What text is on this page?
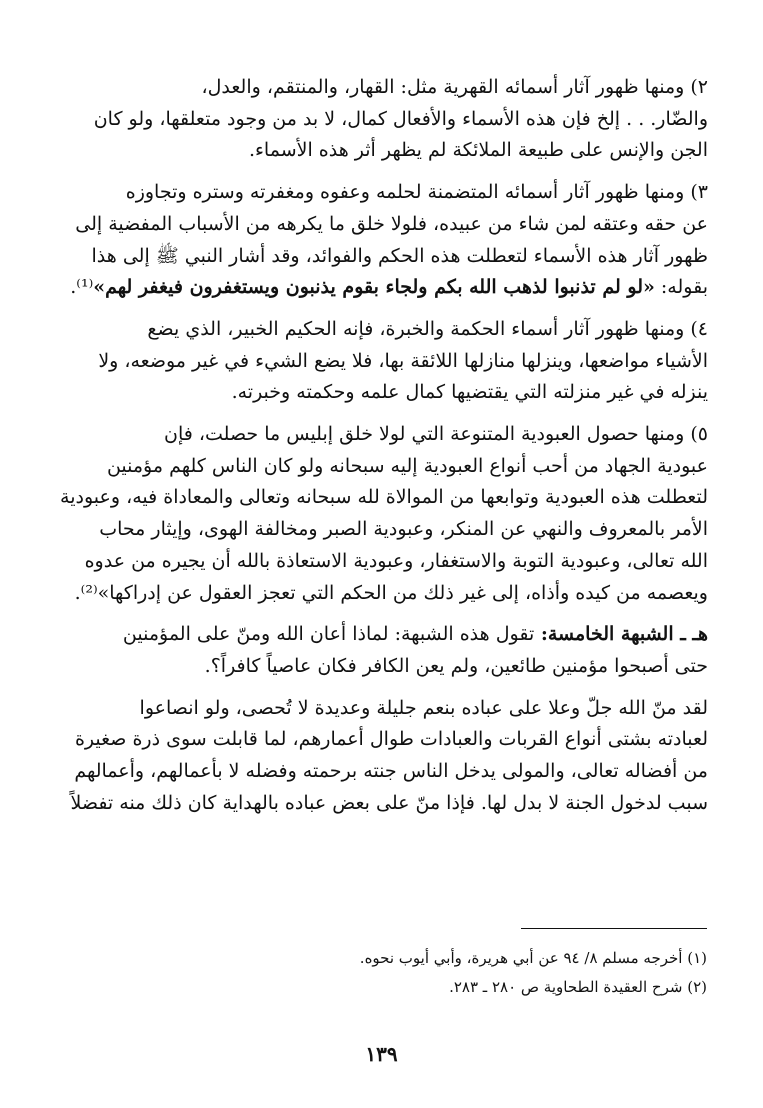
٢) ومنها ظهور آثار أسمائه القهرية مثل: القهار، والمنتقم، والعدل،
والضّار. . . إلخ فإن هذه الأسماء والأفعال كمال، لا بد من وجود متعلقها، ولو كان
الجن والإنس على طبيعة الملائكة لم يظهر أثر هذه الأسماء.

٣) ومنها ظهور آثار أسمائه المتضمنة لحلمه وعفوه ومغفرته وستره وتجاوزه
عن حقه وعتقه لمن شاء من عبيده، فلولا خلق ما يكرهه من الأسباب المفضية إلى
ظهور آثار هذه الأسماء لتعطلت هذه الحكم والفوائد، وقد أشار النبي ﷺ إلى هذا
بقوله: «لو لم تذنبوا لذهب الله بكم ولجاء بقوم يذنبون ويستغفرون فيغفر لهم»⁽¹⁾.

٤) ومنها ظهور آثار أسماء الحكمة والخبرة، فإنه الحكيم الخبير، الذي يضع
الأشياء مواضعها، وينزلها منازلها اللائقة بها، فلا يضع الشيء في غير موضعه، ولا
ينزله في غير منزلته التي يقتضيها كمال علمه وحكمته وخبرته.

٥) ومنها حصول العبودية المتنوعة التي لولا خلق إبليس ما حصلت، فإن
عبودية الجهاد من أحب أنواع العبودية إليه سبحانه ولو كان الناس كلهم مؤمنين
لتعطلت هذه العبودية وتوابعها من الموالاة لله سبحانه وتعالى والمعاداة فيه، وعبودية
الأمر بالمعروف والنهي عن المنكر، وعبودية الصبر ومخالفة الهوى، وإيثار محاب
الله تعالى، وعبودية التوبة والاستغفار، وعبودية الاستعاذة بالله أن يجيره من عدوه
ويعصمه من كيده وأذاه، إلى غير ذلك من الحكم التي تعجز العقول عن إدراكها»⁽²⁾.

هـ ـ الشبهة الخامسة: تقول هذه الشبهة: لماذا أعان الله ومنّ على المؤمنين
حتى أصبحوا مؤمنين طائعين، ولم يعن الكافر فكان عاصياً كافراً؟.

لقد منّ الله جلّ وعلا على عباده بنعم جليلة وعديدة لا تُحصى، ولو انصاعوا
لعبادته بشتى أنواع القربات والعبادات طوال أعمارهم، لما قابلت سوى ذرة صغيرة
من أفضاله تعالى، والمولى يدخل الناس جنته برحمته وفضله لا بأعمالهم، وأعمالهم
سبب لدخول الجنة لا بدل لها. فإذا منّ على بعض عباده بالهداية كان ذلك منه تفضلاً

(١) أخرجه مسلم ٨/ ٩٤ عن أبي هريرة، وأبي أيوب نحوه.
(٢) شرح العقيدة الطحاوية ص ٢٨٠ ـ ٢٨٣.
١٣٩
